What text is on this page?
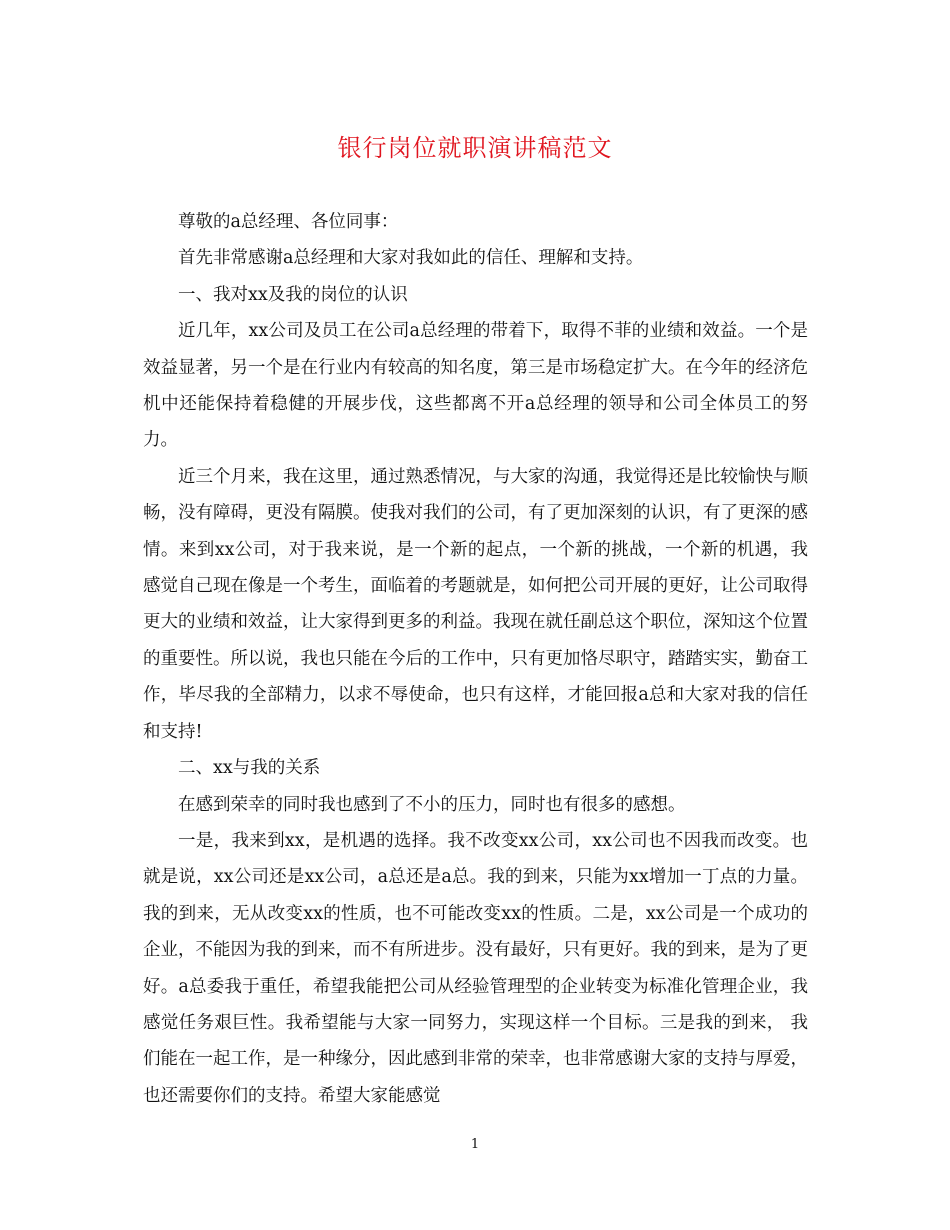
银行岗位就职演讲稿范文

尊敬的a总经理、各位同事：

首先非常感谢a总经理和大家对我如此的信任、理解和支持。

一、我对xx及我的岗位的认识

近几年，xx公司及员工在公司a总经理的带着下，取得不菲的业绩和效益。一个是效益显著，另一个是在行业内有较高的知名度，第三是市场稳定扩大。在今年的经济危机中还能保持着稳健的开展步伐，这些都离不开a总经理的领导和公司全体员工的努力。

近三个月来，我在这里，通过熟悉情况，与大家的沟通，我觉得还是比较愉快与顺畅，没有障碍，更没有隔膜。使我对我们的公司，有了更加深刻的认识，有了更深的感情。来到xx公司，对于我来说，是一个新的起点，一个新的挑战，一个新的机遇，我感觉自己现在像是一个考生，面临着的考题就是，如何把公司开展的更好，让公司取得更大的业绩和效益，让大家得到更多的利益。我现在就任副总这个职位，深知这个位置的重要性。所以说，我也只能在今后的工作中，只有更加恪尽职守，踏踏实实，勤奋工作，毕尽我的全部精力，以求不辱使命，也只有这样，才能回报a总和大家对我的信任和支持!

二、xx与我的关系

在感到荣幸的同时我也感到了不小的压力，同时也有很多的感想。

一是，我来到xx，是机遇的选择。我不改变xx公司，xx公司也不因我而改变。也就是说，xx公司还是xx公司，a总还是a总。我的到来，只能为xx增加一丁点的力量。我的到来，无从改变xx的性质，也不可能改变xx的性质。二是，xx公司是一个成功的企业，不能因为我的到来，而不有所进步。没有最好，只有更好。我的到来，是为了更好。a总委我于重任，希望我能把公司从经验管理型的企业转变为标准化管理企业，我感觉任务艰巨性。我希望能与大家一同努力，实现这样一个目标。三是我的到来， 我们能在一起工作，是一种缘分，因此感到非常的荣幸，也非常感谢大家的支持与厚爱，也还需要你们的支持。希望大家能感觉

1
